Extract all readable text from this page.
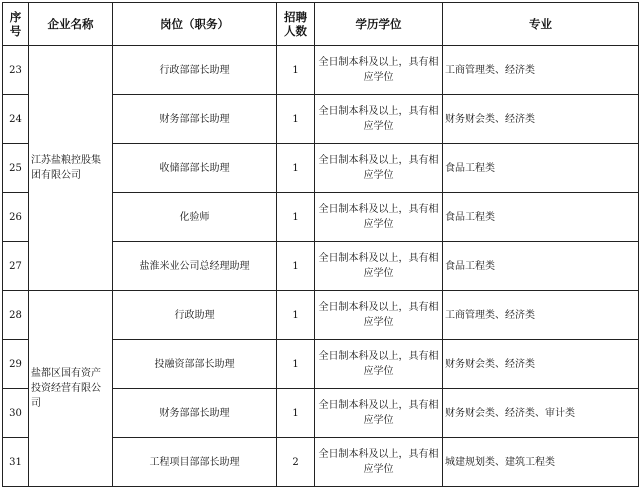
序号	企业名称	岗位（职务）	招聘人数	学历学位	专业	
23	江苏盐粮控股集团有限公司	行政部部长助理	1	全日制本科及以上，具有相应学位	工商管理类、经济类	
24		财务部部长助理	1	全日制本科及以上，具有相应学位	财务财会类、经济类	
25		收储部部长助理	1	全日制本科及以上，具有相应学位	食品工程类	
26		化验师	1	全日制本科及以上，具有相应学位	食品工程类	
27		盐淮米业公司总经理助理	1	全日制本科及以上，具有相应学位	食品工程类	
28	盐都区国有资产投资经营有限公司	行政助理	1	全日制本科及以上，具有相应学位	工商管理类、经济类	
29		投融资部部长助理	1	全日制本科及以上，具有相应学位	财务财会类、经济类	
30		财务部部长助理	1	全日制本科及以上，具有相应学位	财务财会类、经济类、审计类	
31		工程项目部部长助理	2	全日制本科及以上，具有相应学位	城建规划类、建筑工程类	
